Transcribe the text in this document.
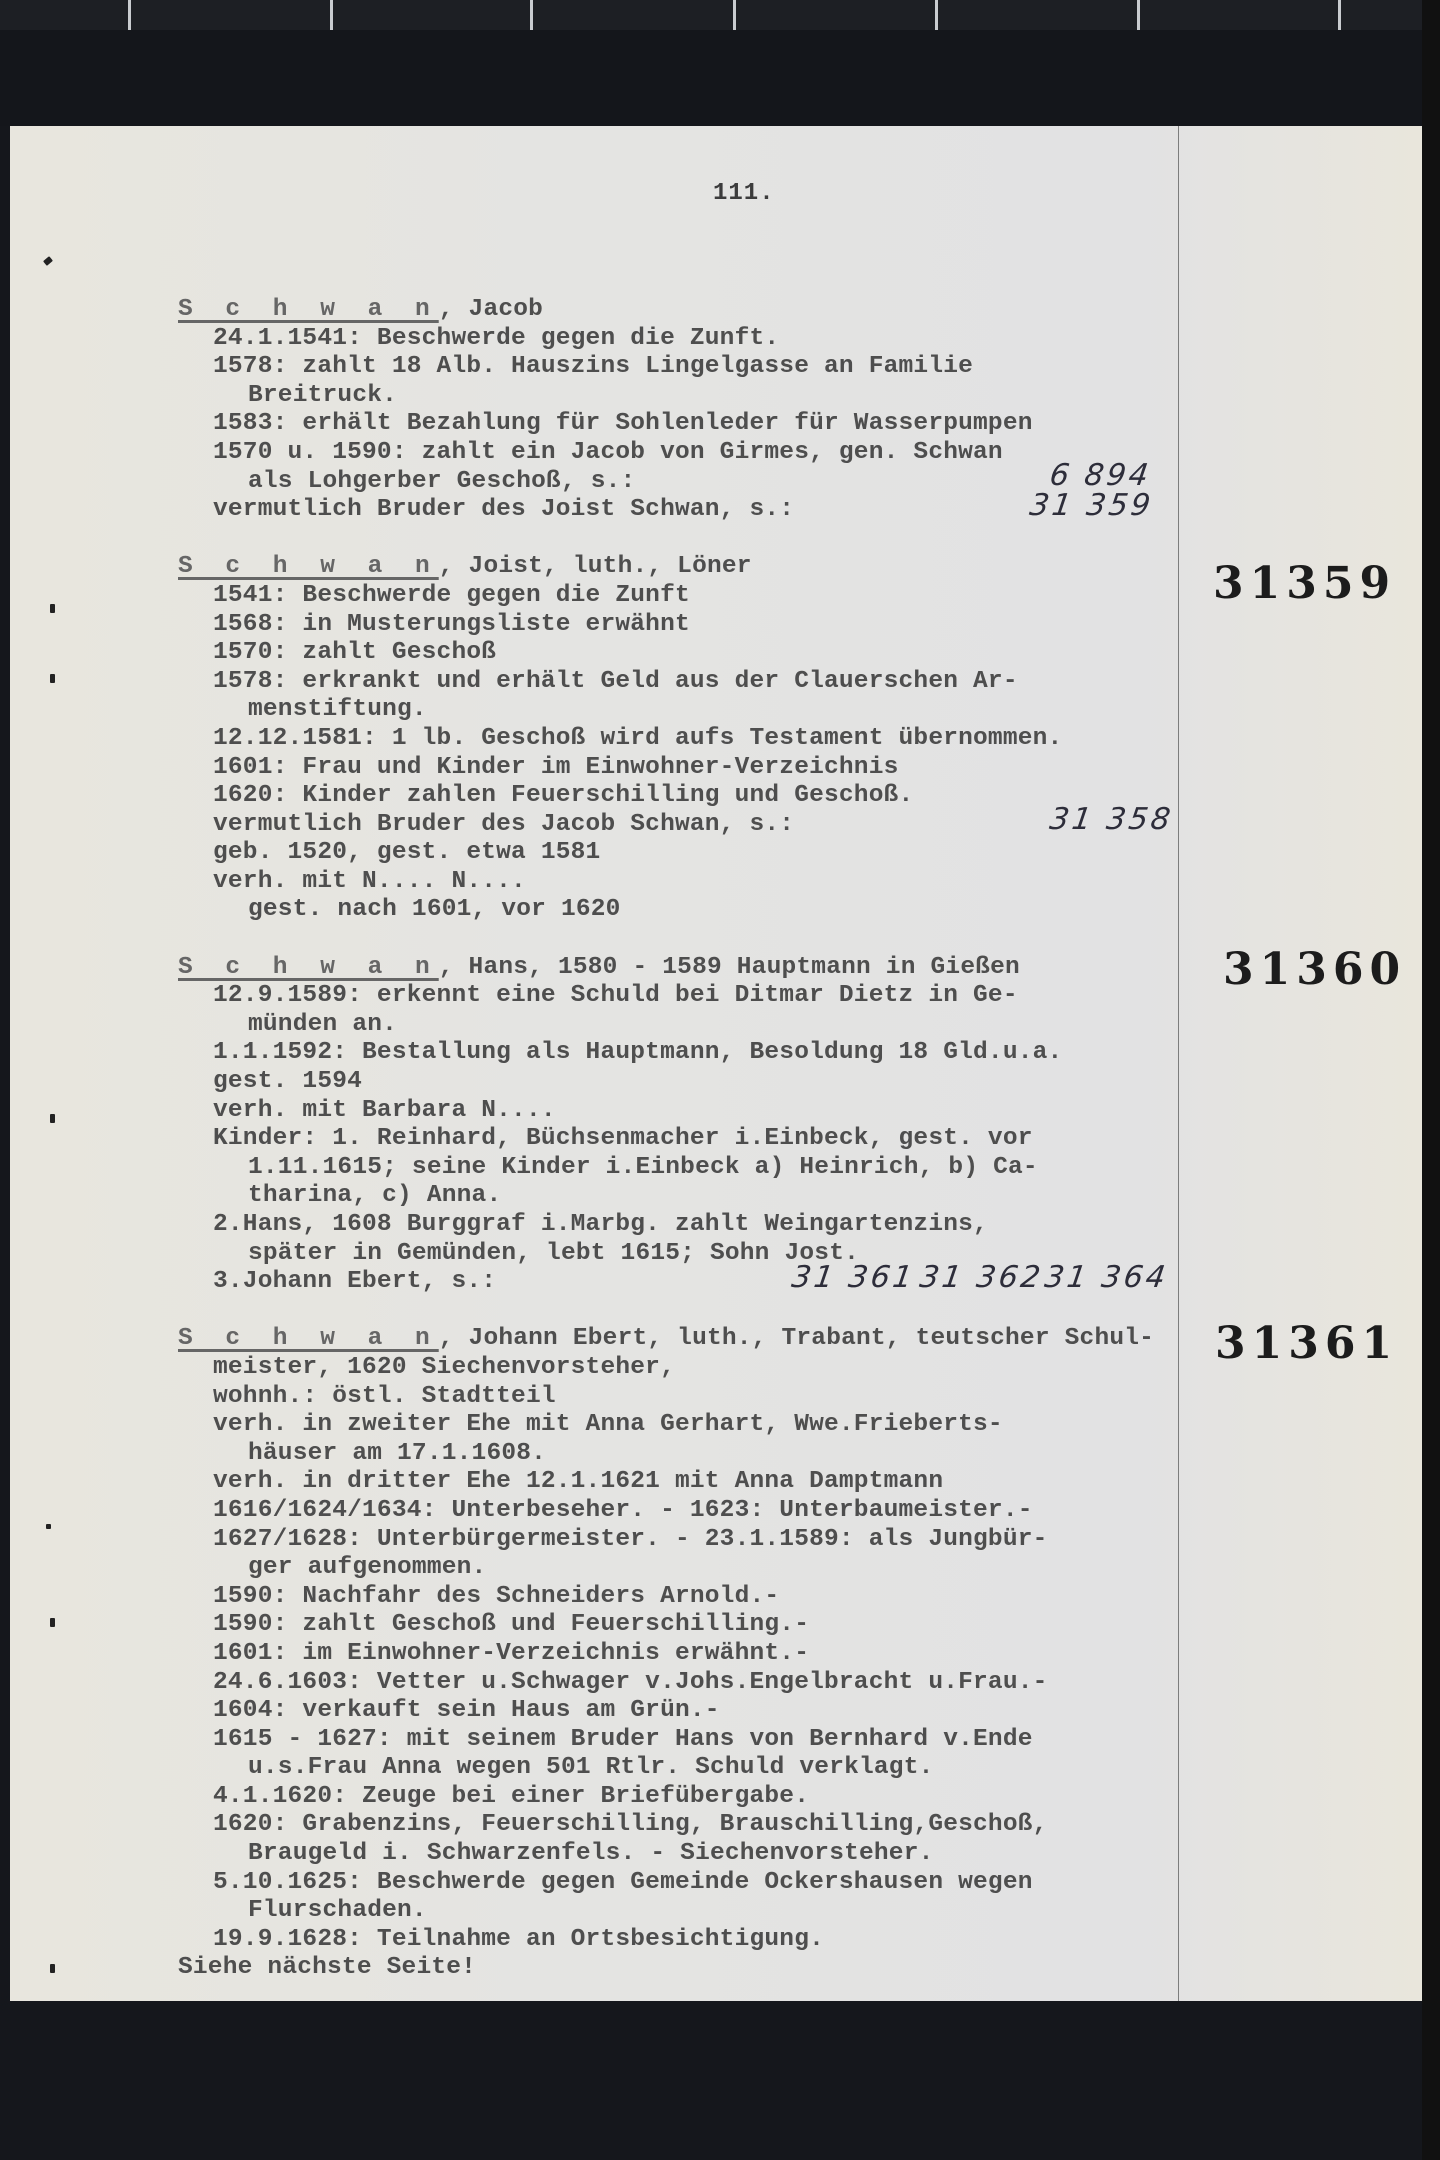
111.
S c h w a n, Jacob
24.1.1541: Beschwerde gegen die Zunft.
1578: zahlt 18 Alb. Hauszins Lingelgasse an Familie
Breitruck.
1583: erhält Bezahlung für Sohlenleder für Wasserpumpen
1570 u. 1590: zahlt ein Jacob von Girmes, gen. Schwan
als Lohgerber Geschoß, s.:
vermutlich Bruder des Joist Schwan, s.:
S c h w a n, Joist, luth., Löner
1541: Beschwerde gegen die Zunft
1568: in Musterungsliste erwähnt
1570: zahlt Geschoß
1578: erkrankt und erhält Geld aus der Clauerschen Ar-
menstiftung.
12.12.1581: 1 lb. Geschoß wird aufs Testament übernommen.
1601: Frau und Kinder im Einwohner-Verzeichnis
1620: Kinder zahlen Feuerschilling und Geschoß.
vermutlich Bruder des Jacob Schwan, s.:
geb. 1520, gest. etwa 1581
verh. mit N.... N....
gest. nach 1601, vor 1620
S c h w a n, Hans, 1580 - 1589 Hauptmann in Gießen
12.9.1589: erkennt eine Schuld bei Ditmar Dietz in Ge-
münden an.
1.1.1592: Bestallung als Hauptmann, Besoldung 18 Gld.u.a.
gest. 1594
verh. mit Barbara N....
Kinder: 1. Reinhard, Büchsenmacher i.Einbeck, gest. vor
1.11.1615; seine Kinder i.Einbeck a) Heinrich, b) Ca-
tharina, c) Anna.
2.Hans, 1608 Burggraf i.Marbg. zahlt Weingartenzins,
später in Gemünden, lebt 1615; Sohn Jost.
3.Johann Ebert, s.:
S c h w a n, Johann Ebert, luth., Trabant, teutscher Schul-
meister, 1620 Siechenvorsteher,
wohnh.: östl. Stadtteil
verh. in zweiter Ehe mit Anna Gerhart, Wwe.Frieberts-
häuser am 17.1.1608.
verh. in dritter Ehe 12.1.1621 mit Anna Damptmann
1616/1624/1634: Unterbeseher. - 1623: Unterbaumeister.-
1627/1628: Unterbürgermeister. - 23.1.1589: als Jungbür-
ger aufgenommen.
1590: Nachfahr des Schneiders Arnold.-
1590: zahlt Geschoß und Feuerschilling.-
1601: im Einwohner-Verzeichnis erwähnt.-
24.6.1603: Vetter u.Schwager v.Johs.Engelbracht u.Frau.-
1604: verkauft sein Haus am Grün.-
1615 - 1627: mit seinem Bruder Hans von Bernhard v.Ende
u.s.Frau Anna wegen 501 Rtlr. Schuld verklagt.
4.1.1620: Zeuge bei einer Briefübergabe.
1620: Grabenzins, Feuerschilling, Brauschilling,Geschoß,
Braugeld i. Schwarzenfels. - Siechenvorsteher.
5.10.1625: Beschwerde gegen Gemeinde Ockershausen wegen
Flurschaden.
19.9.1628: Teilnahme an Ortsbesichtigung.
Siehe nächste Seite!
6 894
31 359
31 358
31 361 31 362
31 364
31359
31360
31361
